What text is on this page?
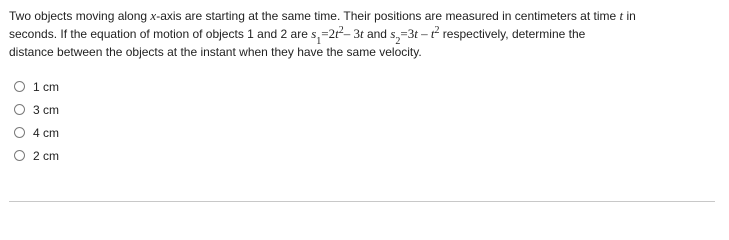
Two objects moving along x-axis are starting at the same time. Their positions are measured in centimeters at time t in
seconds. If the equation of motion of objects 1 and 2 are $s_1=2t^2-$ 3t and $s_2=3t - t^2$ respectively, determine the
distance between the objects at the instant when they have the same velocity.
1 cm
3 cm
4 cm
2 cm
